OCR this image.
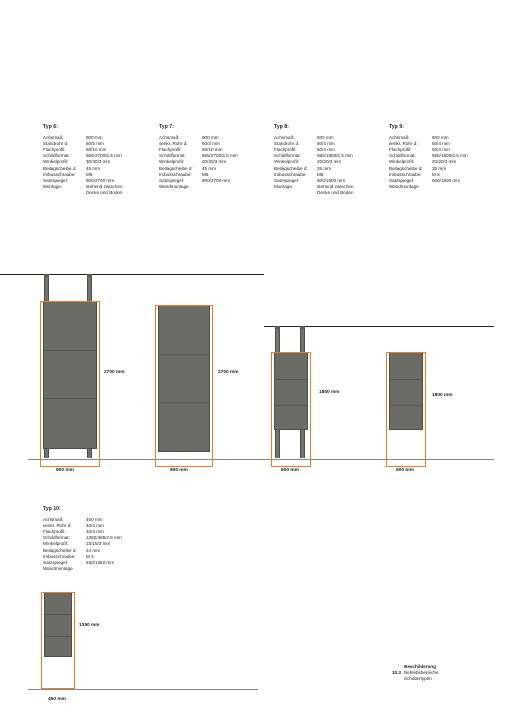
Typ 6:
Achsmaß:	900 mm
Standrohr d:	60/5 mm
Flachprofil:	60/10 mm
Schildformat:	865/2700/2,5 mm
Winkelprofil:	30/30/3 mm
Beilagscheibe d:	45 mm
Imbusschraube:	M6
Satzspiegel:	900/2700 mm
Montage:	stehend zwischen
Decke und Boden
Typ 7:
Achsmaß:	900 mm
senkr. Rohr d:	60/3 mm
Flachprofil:	60/10 mm
Schildformat:	865/2700/2,5 mm
Winkelprofil:	30/30/3 mm
Beilagscheibe d:	45 mm
Imbusschraube:	M6
Satzspiegel:	900/2700 mm
Wandmontage
Typ 8:
Achsmaß:	600 mm
Standrohr d:	50/4 mm
Flachprofil:	50/4 mm
Schildformat:	655/1800/2,5 mm
Winkelprofil:	20/20/3 mm
Beilagscheibe d:	35 mm
Imbusschraube:	M5
Satzspiegel:	600/1800 mm
Montage:	stehend zwischen
Decke und Boden
Typ 9:
Achsmaß:	600 mm
senkr. Rohr d:	50/4 mm
Flachprofil:	50/4 mm
Schildformat:	655/1800/2,5 mm
Winkelprofil:	20/20/3 mm
Beilagscheibe d:	35 mm
Imbusschraube:	M 5
Satzspiegel:	600/1800 mm
Wandmontage
Typ 10:
Achsmaß:	450 mm
senkr. Rohr d:	40/4 mm
Flachprofil:	40/4 mm
Schildformat:	1350/485/2,5 mm
Winkelprofil:	15/15/3 mm
Beilagscheibe d:	24 mm
Imbusschraube:	M 4
Satzspiegel:	450/1350 mm
Wandmontage
2700 mm
900 mm
2700 mm
900 mm
1800 mm
600 mm
1800 mm
600 mm
1350 mm
450 mm
Beschilderung
10.3 Betriebsbereiche
Schildertypen
